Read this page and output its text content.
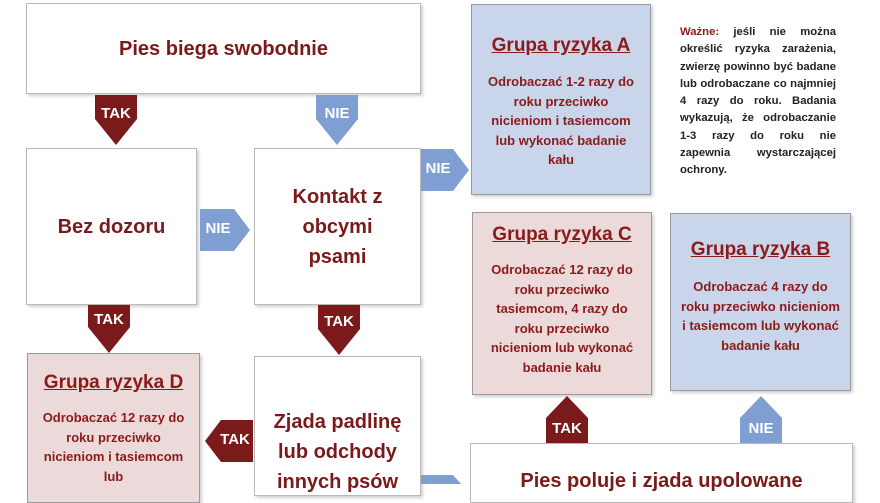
Pies biega swobodnie
Bez dozoru
Kontakt z obcymi psami
Zjada padlinę lub odchody innych psów	Pies poluje i zjada upolowane
Grupa ryzyka A

Odrobaczać 1-2 razy do roku przeciwko nicieniom i tasiemcom lub wykonać badanie kału

Grupa ryzyka C

Odrobaczać 12 razy do roku przeciwko tasiemcom, 4 razy do roku przeciwko nicieniom lub wykonać badanie kału

Grupa ryzyka B

Odrobaczać 4 razy do roku przeciwko nicieniom i tasiemcom lub wykonać badanie kału

Grupa ryzyka D

Odrobaczać 12 razy do roku przeciwko nicieniom i tasiemcom lub

Ważne: jeśli nie można określić ryzyka zarażenia, zwierzę powinno być badane lub odrobaczane co najmniej 4 razy do roku. Badania wykazują, że odrobaczanie 1-3 razy do roku nie zapewnia wystarczającej ochrony.
TAK	NIE
TAK	TAK
NIE
NIE
TAK
TAK	NIE
